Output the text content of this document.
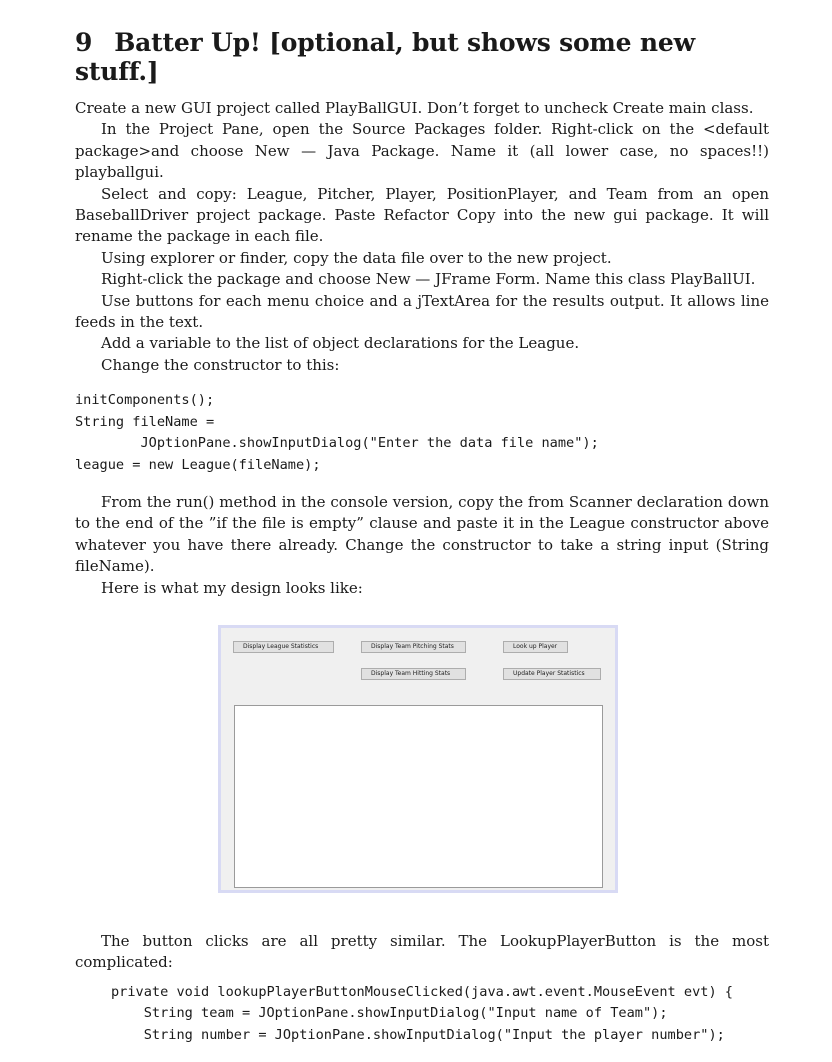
9 Batter Up! [optional, but shows some new stuff.]

Create a new GUI project called PlayBallGUI. Don’t forget to uncheck Create main class.

In the Project Pane, open the Source Packages folder. Right-click on the <default package>and choose New — Java Package. Name it (all lower case, no spaces!!) playballgui.

Select and copy: League, Pitcher, Player, PositionPlayer, and Team from an open BaseballDriver project package. Paste Refactor Copy into the new gui package. It will rename the package in each file.

Using explorer or finder, copy the data file over to the new project.

Right-click the package and choose New — JFrame Form. Name this class PlayBallUI.

Use buttons for each menu choice and a jTextArea for the results output. It allows line feeds in the text.

Add a variable to the list of object declarations for the League.

Change the constructor to this:

initComponents();
String fileName =
JOptionPane.showInputDialog("Enter the data file name");
league = new League(fileName);

From the run() method in the console version, copy the from Scanner declaration down to the end of the ”if the file is empty” clause and paste it in the League constructor above whatever you have there already. Change the constructor to take a string input (String fileName).

Here is what my design looks like:

Display League Statistics	Display Team Pitching Stats	Look up Player
Display Team Hitting Stats	Update Player Statistics

The button clicks are all pretty similar. The LookupPlayerButton is the most complicated:

private void lookupPlayerButtonMouseClicked(java.awt.event.MouseEvent evt) {
String team = JOptionPane.showInputDialog("Input name of Team");
String number = JOptionPane.showInputDialog("Input the player number");
